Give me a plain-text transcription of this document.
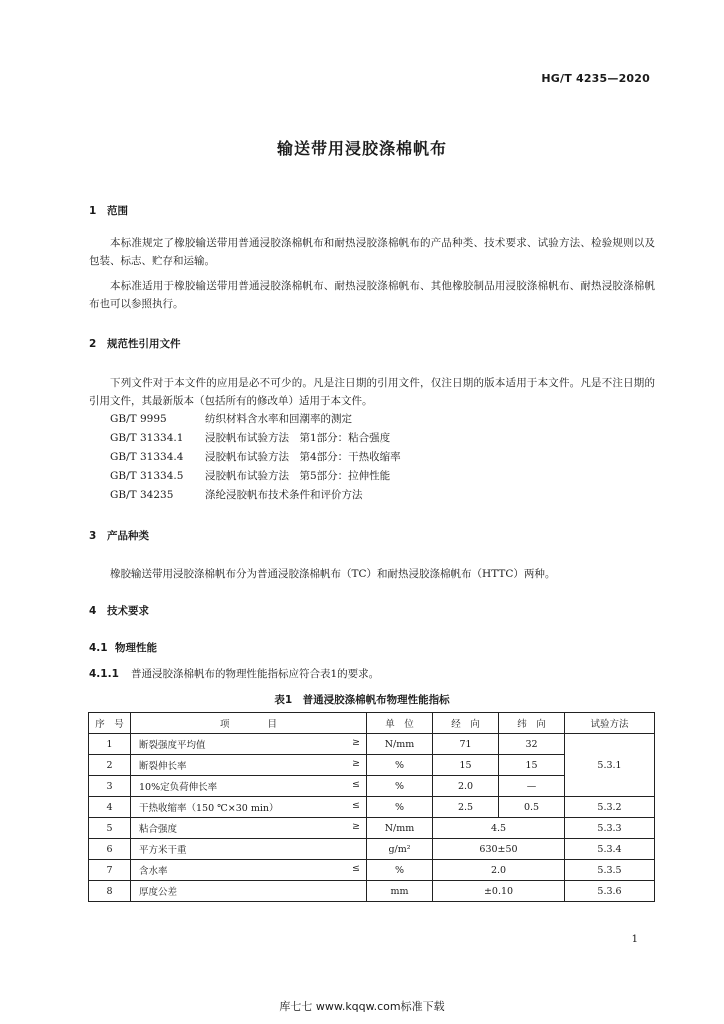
HG/T 4235—2020
输送带用浸胶涤棉帆布
1 范围
本标准规定了橡胶输送带用普通浸胶涤棉帆布和耐热浸胶涤棉帆布的产品种类、技术要求、试验方法、检验规则以及包装、标志、贮存和运输。
本标准适用于橡胶输送带用普通浸胶涤棉帆布、耐热浸胶涤棉帆布、其他橡胶制品用浸胶涤棉帆布、耐热浸胶涤棉帆布也可以参照执行。
2 规范性引用文件
下列文件对于本文件的应用是必不可少的。凡是注日期的引用文件，仅注日期的版本适用于本文件。凡是不注日期的引用文件，其最新版本（包括所有的修改单）适用于本文件。
GB/T 9995	纺织材料含水率和回潮率的测定
GB/T 31334.1 浸胶帆布试验方法　第1部分：粘合强度
GB/T 31334.4 浸胶帆布试验方法　第4部分：干热收缩率
GB/T 31334.5 浸胶帆布试验方法　第5部分：拉伸性能
GB/T 34235	涤纶浸胶帆布技术条件和评价方法
3 产品种类
橡胶输送带用浸胶涤棉帆布分为普通浸胶涤棉帆布（TC）和耐热浸胶涤棉帆布（HTTC）两种。
4 技术要求
4.1 物理性能
4.1.1 普通浸胶涤棉帆布的物理性能指标应符合表1的要求。
表1　普通浸胶涤棉帆布物理性能指标
序　号	项　　　　目	单　位	经　向	纬　向	试验方法
1	断裂强度平均值 ≥	N/mm	71	32	5.3.1
2	断裂伸长率 ≥	%	15	15	
3	10%定负荷伸长率 ≤	%	2.0	—	
4	干热收缩率（150 ℃×30 min） ≤	%	2.5	0.5	5.3.2
5	粘合强度 ≥	N/mm	4.5		5.3.3
6	平方米干重	g/m²	630±50		5.3.4
7	含水率 ≤	%	2.0		5.3.5
8	厚度公差	mm	±0.10		5.3.6
1
库七七 www.kqqw.com标准下载
